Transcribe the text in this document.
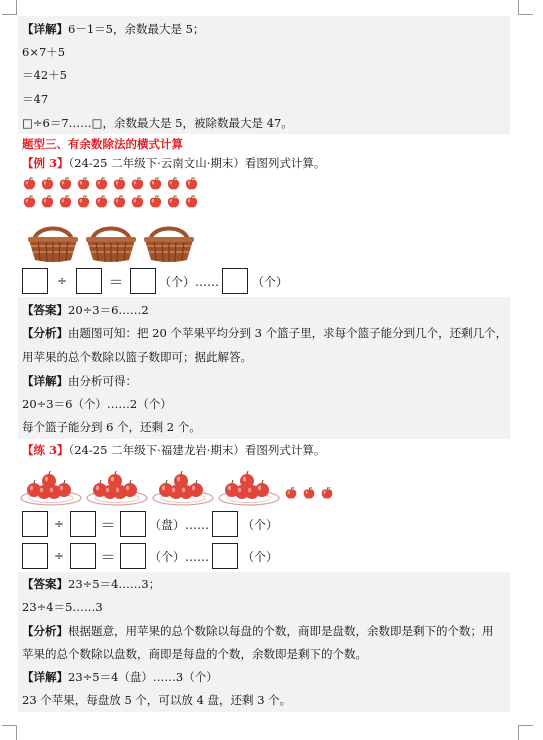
【详解】6－1＝5，余数最大是 5；
6×7＋5
＝42＋5
＝47
□÷6＝7……□，余数最大是 5，被除数最大是 47。
题型三、有余数除法的横式计算
【例 3】（24-25 二年级下·云南文山·期末）看图列式计算。
÷	＝	（个）……	（个）
【答案】20÷3＝6……2
【分析】由题图可知：把 20 个苹果平均分到 3 个篮子里，求每个篮子能分到几个，还剩几个，
用苹果的总个数除以篮子数即可；据此解答。
【详解】由分析可得：
20÷3＝6（个）……2（个）
每个篮子能分到 6 个，还剩 2 个。
【练 3】（24-25 二年级下·福建龙岩·期末）看图列式计算。
÷	＝	（盘）……	（个）
÷	＝	（个）……	（个）
【答案】23÷5＝4……3；
23÷4＝5……3
【分析】根据题意，用苹果的总个数除以每盘的个数，商即是盘数，余数即是剩下的个数；用
苹果的总个数除以盘数，商即是每盘的个数，余数即是剩下的个数。
【详解】23÷5＝4（盘）……3（个）
23 个苹果，每盘放 5 个，可以放 4 盘，还剩 3 个。
